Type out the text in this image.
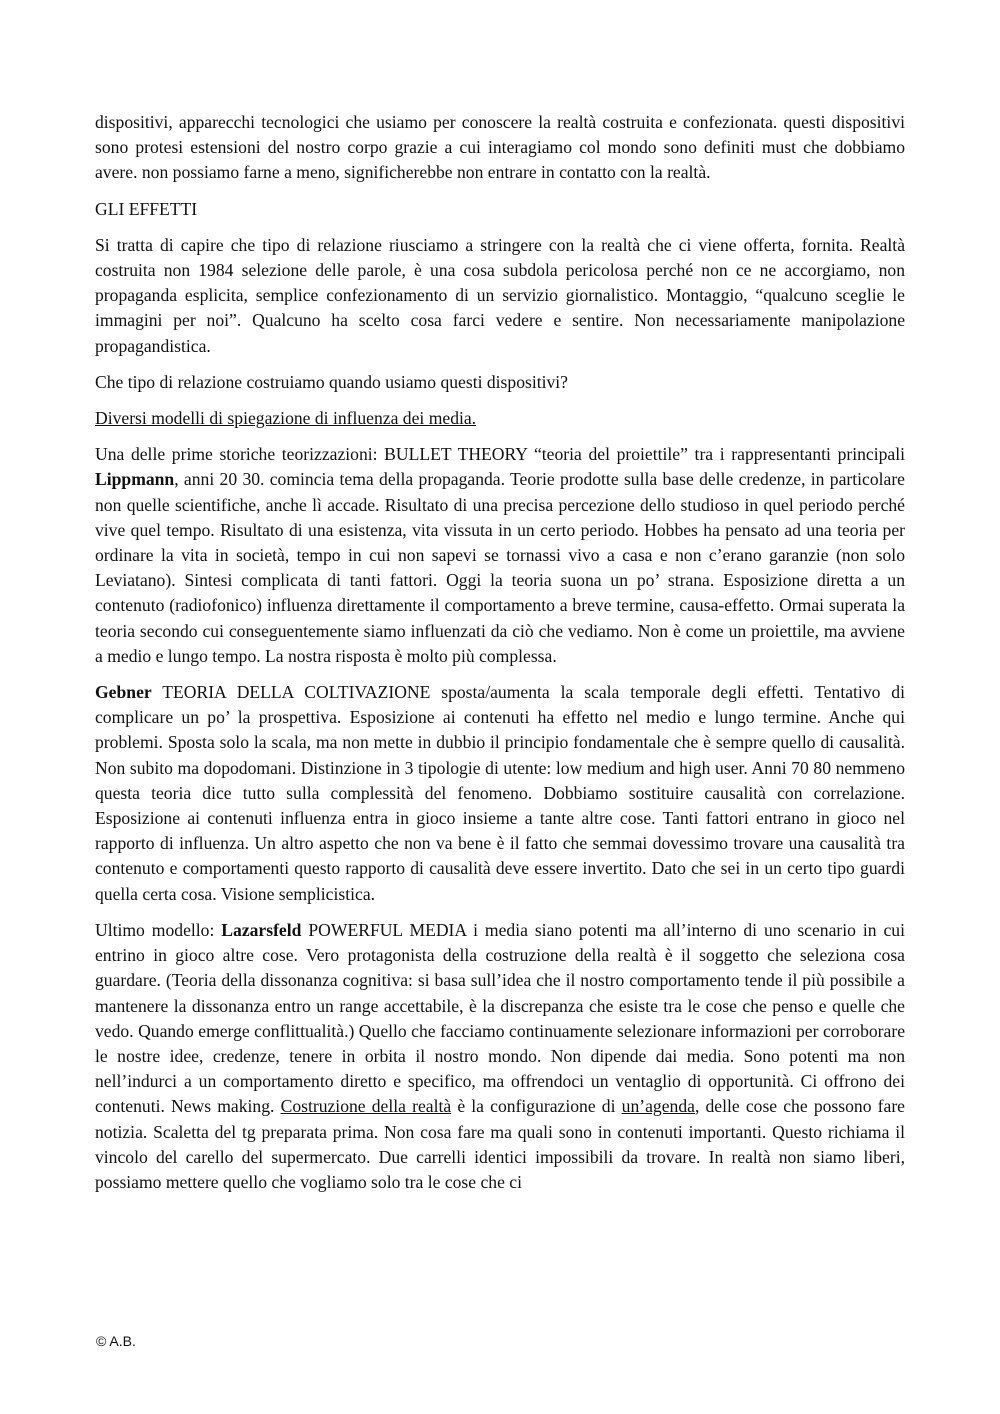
dispositivi, apparecchi tecnologici che usiamo per conoscere la realtà costruita e confezionata. questi dispositivi sono protesi estensioni del nostro corpo grazie a cui interagiamo col mondo sono definiti must che dobbiamo avere. non possiamo farne a meno, significherebbe non entrare in contatto con la realtà.

GLI EFFETTI

Si tratta di capire che tipo di relazione riusciamo a stringere con la realtà che ci viene offerta, fornita. Realtà costruita non 1984 selezione delle parole, è una cosa subdola pericolosa perché non ce ne accorgiamo, non propaganda esplicita, semplice confezionamento di un servizio giornalistico. Montaggio, “qualcuno sceglie le immagini per noi”. Qualcuno ha scelto cosa farci vedere e sentire. Non necessariamente manipolazione propagandistica.

Che tipo di relazione costruiamo quando usiamo questi dispositivi?

Diversi modelli di spiegazione di influenza dei media.

Una delle prime storiche teorizzazioni: BULLET THEORY “teoria del proiettile” tra i rappresentanti principali Lippmann, anni 20 30. comincia tema della propaganda. Teorie prodotte sulla base delle credenze, in particolare non quelle scientifiche, anche lì accade. Risultato di una precisa percezione dello studioso in quel periodo perché vive quel tempo. Risultato di una esistenza, vita vissuta in un certo periodo. Hobbes ha pensato ad una teoria per ordinare la vita in società, tempo in cui non sapevi se tornassi vivo a casa e non c’erano garanzie (non solo Leviatano). Sintesi complicata di tanti fattori. Oggi la teoria suona un po’ strana. Esposizione diretta a un contenuto (radiofonico) influenza direttamente il comportamento a breve termine, causa-effetto. Ormai superata la teoria secondo cui conseguentemente siamo influenzati da ciò che vediamo. Non è come un proiettile, ma avviene a medio e lungo tempo. La nostra risposta è molto più complessa.

Gebner TEORIA DELLA COLTIVAZIONE sposta/aumenta la scala temporale degli effetti. Tentativo di complicare un po’ la prospettiva. Esposizione ai contenuti ha effetto nel medio e lungo termine. Anche qui problemi. Sposta solo la scala, ma non mette in dubbio il principio fondamentale che è sempre quello di causalità. Non subito ma dopodomani. Distinzione in 3 tipologie di utente: low medium and high user. Anni 70 80 nemmeno questa teoria dice tutto sulla complessità del fenomeno. Dobbiamo sostituire causalità con correlazione. Esposizione ai contenuti influenza entra in gioco insieme a tante altre cose. Tanti fattori entrano in gioco nel rapporto di influenza. Un altro aspetto che non va bene è il fatto che semmai dovessimo trovare una causalità tra contenuto e comportamenti questo rapporto di causalità deve essere invertito. Dato che sei in un certo tipo guardi quella certa cosa. Visione semplicistica.

Ultimo modello: Lazarsfeld POWERFUL MEDIA i media siano potenti ma all’interno di uno scenario in cui entrino in gioco altre cose. Vero protagonista della costruzione della realtà è il soggetto che seleziona cosa guardare. (Teoria della dissonanza cognitiva: si basa sull’idea che il nostro comportamento tende il più possibile a mantenere la dissonanza entro un range accettabile, è la discrepanza che esiste tra le cose che penso e quelle che vedo. Quando emerge conflittualità.) Quello che facciamo continuamente selezionare informazioni per corroborare le nostre idee, credenze, tenere in orbita il nostro mondo. Non dipende dai media. Sono potenti ma non nell’indurci a un comportamento diretto e specifico, ma offrendoci un ventaglio di opportunità. Ci offrono dei contenuti. News making. Costruzione della realtà è la configurazione di un’agenda, delle cose che possono fare notizia. Scaletta del tg preparata prima. Non cosa fare ma quali sono in contenuti importanti. Questo richiama il vincolo del carello del supermercato. Due carrelli identici impossibili da trovare. In realtà non siamo liberi, possiamo mettere quello che vogliamo solo tra le cose che ci

© A.B.
